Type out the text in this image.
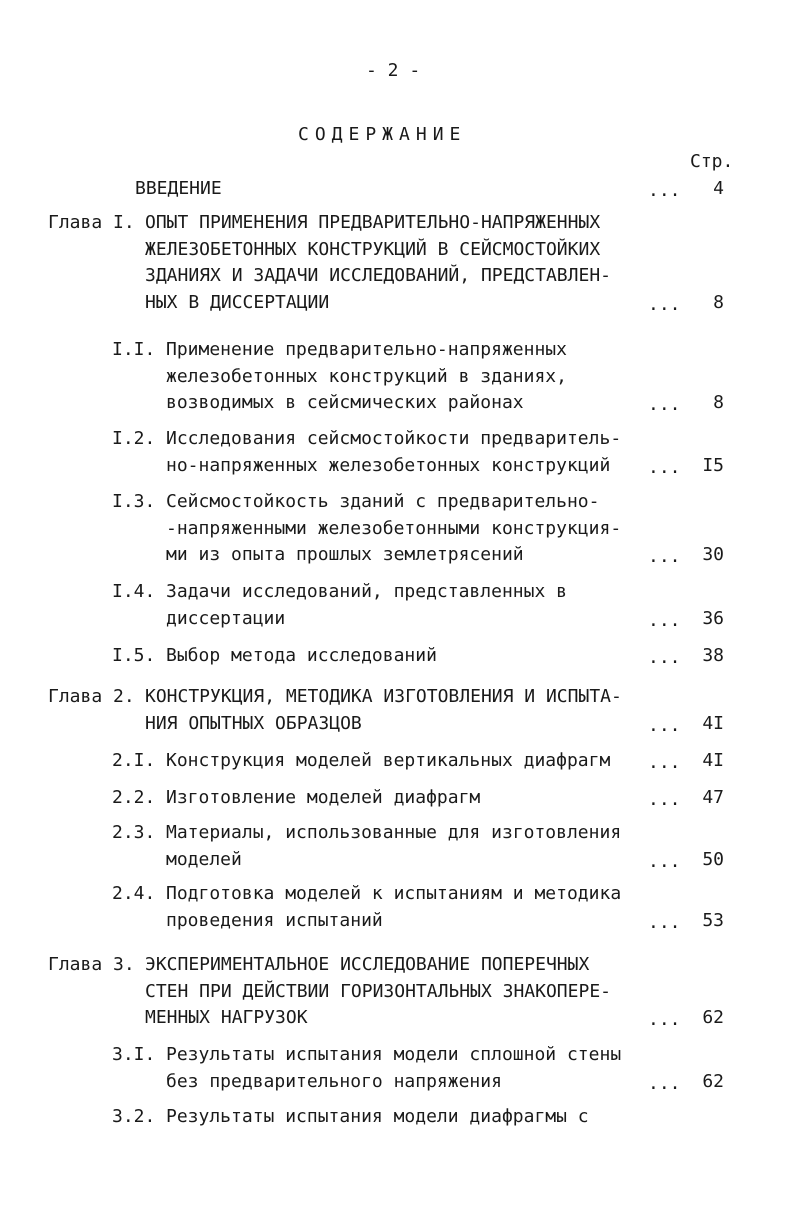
- 2 -
СОДЕРЖАНИЕ
Стр.
ВВЕДЕНИЕ	...	4
Глава I. ОПЫТ ПРИМЕНЕНИЯ ПРЕДВАРИТЕЛЬНО-НАПРЯЖЕННЫХ
ЖЕЛЕЗОБЕТОННЫХ КОНСТРУКЦИЙ В СЕЙСМОСТОЙКИХ
ЗДАНИЯХ И ЗАДАЧИ ИССЛЕДОВАНИЙ, ПРЕДСТАВЛЕН-
НЫХ В ДИССЕРТАЦИИ	...	8
I.I. Применение предварительно-напряженных
железобетонных конструкций в зданиях,
возводимых в сейсмических районах	...	8
I.2. Исследования сейсмостойкости предваритель-
но-напряженных железобетонных конструкций ...	I5
I.3. Сейсмостойкость зданий с предварительно-
-напряженными железобетонными конструкция-
ми из опыта прошлых землетрясений	...	30
I.4. Задачи исследований, представленных в
диссертации	...	36
I.5. Выбор метода исследований	...	38
Глава 2. КОНСТРУКЦИЯ, МЕТОДИКА ИЗГОТОВЛЕНИЯ И ИСПЫТА-
НИЯ ОПЫТНЫХ ОБРАЗЦОВ	...	4I
2.I. Конструкция моделей вертикальных диафрагм ...	4I
2.2. Изготовление моделей диафрагм	...	47
2.3. Материалы, использованные для изготовления
моделей	...	50
2.4. Подготовка моделей к испытаниям и методика
проведения испытаний	...	53
Глава 3. ЭКСПЕРИМЕНТАЛЬНОЕ ИССЛЕДОВАНИЕ ПОПЕРЕЧНЫХ
СТЕН ПРИ ДЕЙСТВИИ ГОРИЗОНТАЛЬНЫХ ЗНАКОПЕРЕ-
МЕННЫХ НАГРУЗОК	...	62
3.I. Результаты испытания модели сплошной стены
без предварительного напряжения	...	62
3.2. Результаты испытания модели диафрагмы с
